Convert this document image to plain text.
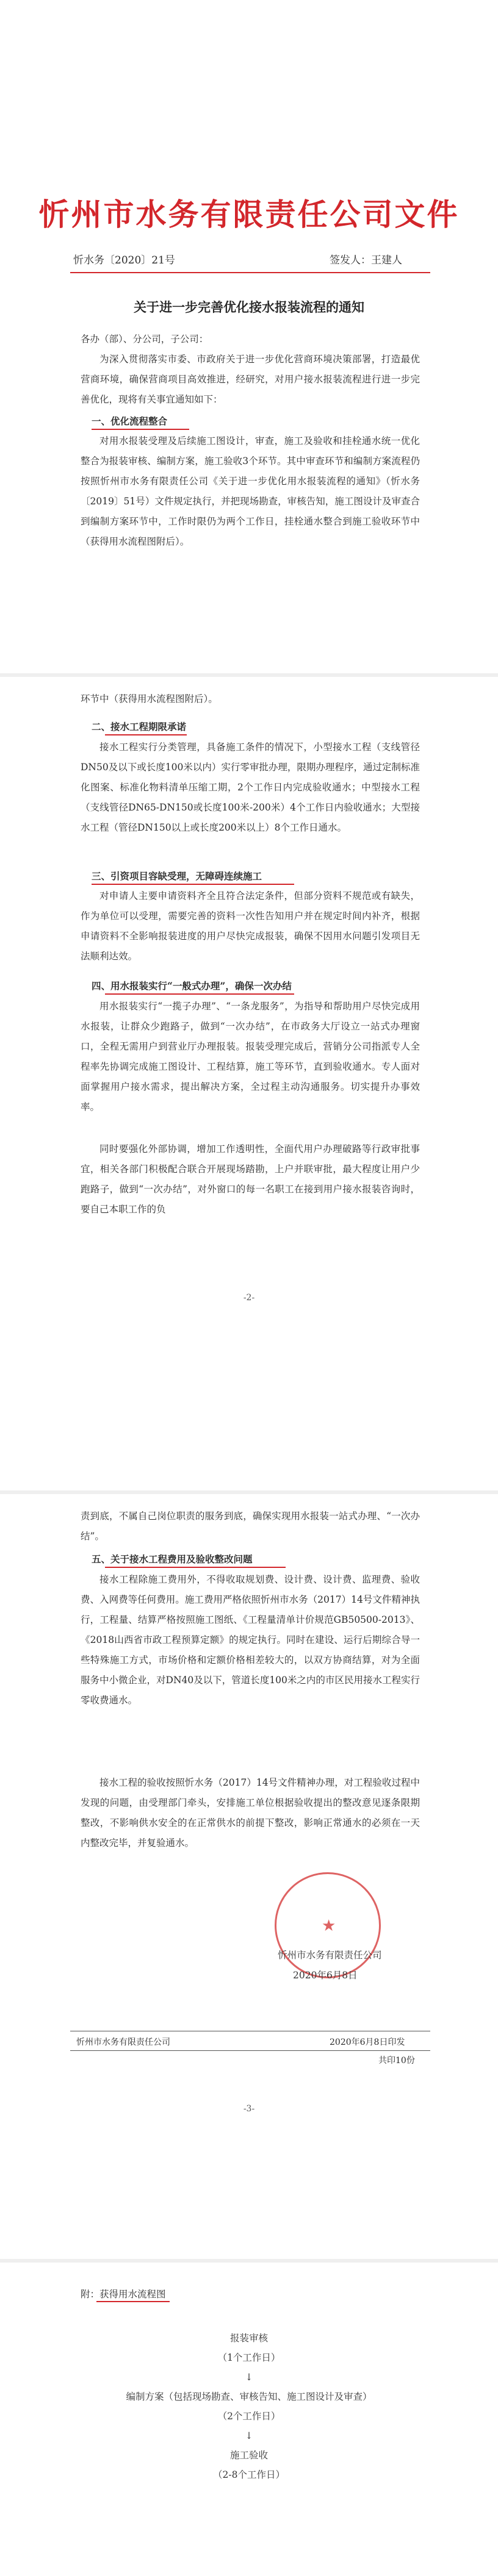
忻州市水务有限责任公司文件
忻水务〔2020〕21号	签发人：王建人
关于进一步完善优化接水报装流程的通知
各办（部）、分公司，子公司：
为深入贯彻落实市委、市政府关于进一步优化营商环境决策部署，打造最优营商环境，确保营商项目高效推进，经研究，对用户接水报装流程进行进一步完善优化，现将有关事宜通知如下：
一、优化流程整合
对用水报装受理及后续施工图设计，审查，施工及验收和挂栓通水统一优化整合为报装审核、编制方案，施工验收3个环节。其中审查环节和编制方案流程仍按照忻州市水务有限责任公司《关于进一步优化用水报装流程的通知》（忻水务〔2019〕51号）文件规定执行，并把现场勘查，审核告知，施工图设计及审查合到编制方案环节中，工作时限仍为两个工作日，挂栓通水整合到施工验收环节中（获得用水流程图附后）。
环节中（获得用水流程图附后）。
二、接水工程期限承诺
接水工程实行分类管理，具备施工条件的情况下，小型接水工程（支线管径DN50及以下或长度100米以内）实行零审批办理，限期办理程序，通过定制标准化图案、标准化物料清单压缩工期，2个工作日内完成验收通水；中型接水工程（支线管径DN65-DN150或长度100米-200米）4个工作日内验收通水；大型接水工程（管径DN150以上或长度200米以上）8个工作日通水。
三、引资项目容缺受理，无障碍连续施工
对申请人主要申请资料齐全且符合法定条件，但部分资料不规范或有缺失，作为单位可以受理，需要完善的资料一次性告知用户并在规定时间内补齐，根据申请资料不全影响报装进度的用户尽快完成报装，确保不因用水问题引发项目无法顺利达效。
四、用水报装实行“一般式办理”，确保一次办结
用水报装实行“一揽子办理”、“一条龙服务”，为指导和帮助用户尽快完成用水报装，让群众少跑路子，做到“一次办结”，在市政务大厅设立一站式办理窗口，全程无需用户到营业厅办理报装。报装受理完成后，营销分公司指派专人全程率先协调完成施工图设计、工程结算，施工等环节，直到验收通水。专人面对面掌握用户接水需求，提出解决方案，全过程主动沟通服务。切实提升办事效率。
同时要强化外部协调，增加工作透明性，全面代用户办理破路等行政审批事宜，相关各部门积极配合联合开展现场踏勘，上户并联审批，最大程度让用户少跑路子，做到“一次办结”，对外窗口的每一名职工在接到用户接水报装咨询时，要自己本职工作的负
-2-
责到底，不属自己岗位职责的服务到底，确保实现用水报装一站式办理、“一次办结”。
五、关于接水工程费用及验收整改问题
接水工程除施工费用外，不得收取规划费、设计费、设计费、监理费、验收费、入网费等任何费用。施工费用严格依照忻州市水务（2017）14号文件精神执行，工程量、结算严格按照施工图纸、《工程量清单计价规范GB50500-2013》、《2018山西省市政工程预算定额》的规定执行。同时在建设、运行后期综合导一些特殊施工方式，市场价格和定额价格相差较大的，以双方协商结算，对为全面服务中小微企业，对DN40及以下，管道长度100米之内的市区民用接水工程实行零收费通水。
接水工程的验收按照忻水务（2017）14号文件精神办理，对工程验收过程中发现的问题，由受理部门牵头，安排施工单位根据验收提出的整改意见逐条限期整改，不影响供水安全的在正常供水的前提下整改，影响正常通水的必须在一天内整改完毕，并复验通水。
★
忻州市水务有限责任公司
2020年6月8日
忻州市水务有限责任公司	2020年6月8日印发
共印10份
-3-
附：获得用水流程图
报装审核
（1个工作日）
↓
编制方案（包括现场勘查、审核告知、施工图设计及审查）
（2个工作日）
↓
施工验收
（2-8个工作日）
